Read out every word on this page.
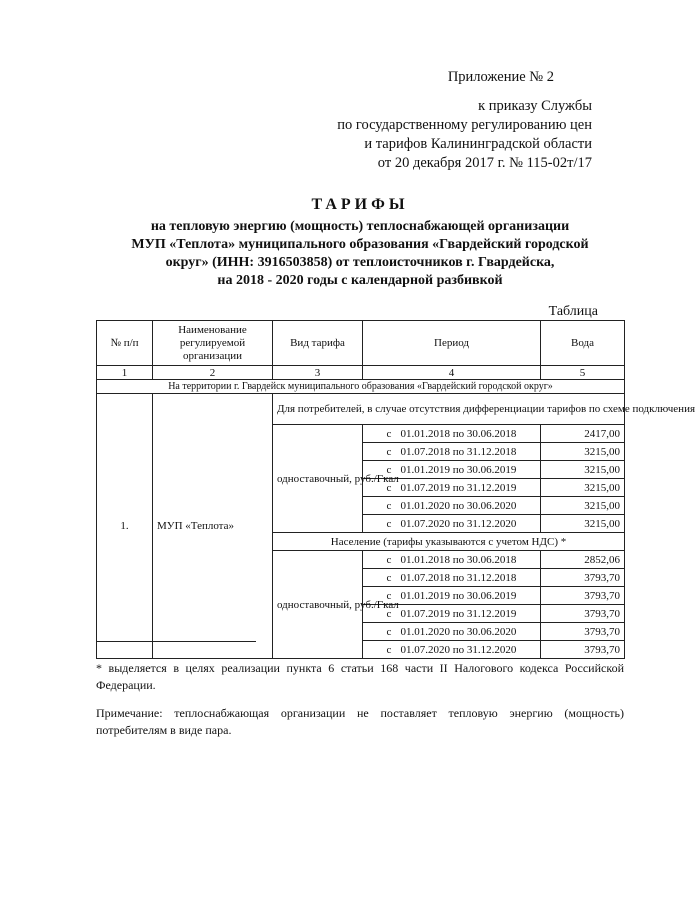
Приложение № 2
к приказу Службы
по государственному регулированию цен
и тарифов Калининградской области
от 20 декабря 2017 г. № 115-02т/17
ТАРИФЫ
на тепловую энергию (мощность) теплоснабжающей организации
МУП «Теплота» муниципального образования «Гвардейский городской
округ» (ИНН: 3916503858) от теплоисточников г. Гвардейска,
на 2018 - 2020 годы с календарной разбивкой
Таблица
№ п/п	Наименование регулируемой организации	Вид тарифа	Период	Вода
1	2	3	4	5
На территории г. Гвардейск муниципального образования «Гвардейский городской округ»				
1.	МУП «Теплота»	Для потребителей, в случае отсутствия дифференциации тарифов по схеме подключения		
		одноставочный, руб./Гкал	с 01.01.2018 по 30.06.2018	2417,00
			с 01.07.2018 по 31.12.2018	3215,00
			с 01.01.2019 по 30.06.2019	3215,00
			с 01.07.2019 по 31.12.2019	3215,00
			с 01.01.2020 по 30.06.2020	3215,00
			с 01.07.2020 по 31.12.2020	3215,00
		Население (тарифы указываются с учетом НДС) *		
		одноставочный, руб./Гкал	с 01.01.2018 по 30.06.2018	2852,06
			с 01.07.2018 по 31.12.2018	3793,70
			с 01.01.2019 по 30.06.2019	3793,70
			с 01.07.2019 по 31.12.2019	3793,70
			с 01.01.2020 по 30.06.2020	3793,70
			с 01.07.2020 по 31.12.2020	3793,70
* выделяется в целях реализации пункта 6 статьи 168 части II Налогового кодекса Российской Федерации.
Примечание: теплоснабжающая организации не поставляет тепловую энергию (мощность) потребителям в виде пара.
